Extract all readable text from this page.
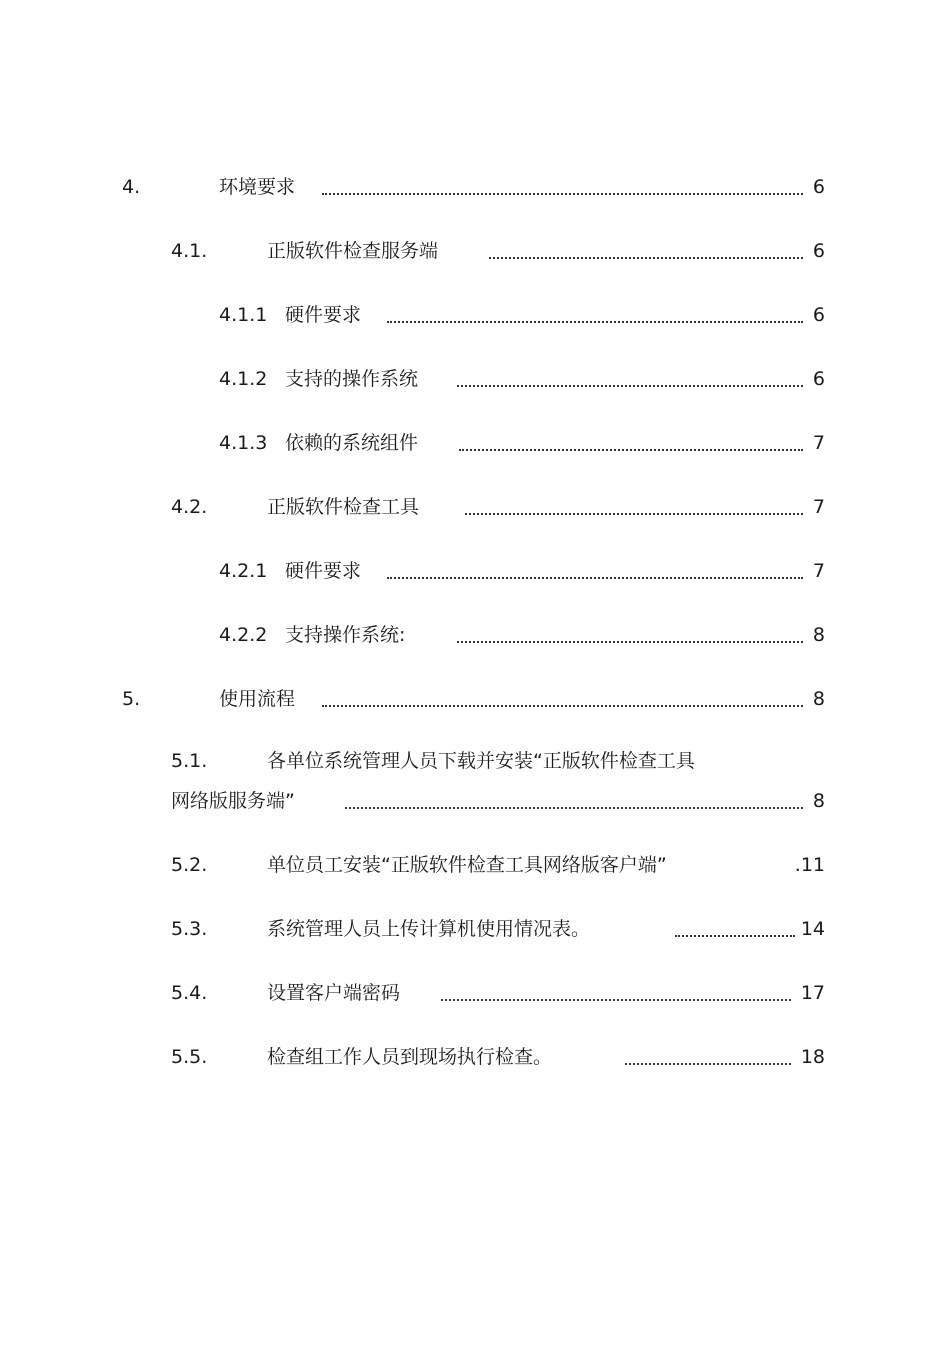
4.	环境要求	6
4.1.	正版软件检查服务端	6
4.1.1 硬件要求	6
4.1.2 支持的操作系统	6
4.1.3 依赖的系统组件	7
4.2.	正版软件检查工具	7
4.2.1 硬件要求	7
4.2.2 支持操作系统:	8
5.	使用流程	8
5.1.	各单位系统管理人员下载并安装“正版软件检查工具
网络版服务端”	8
5.2.	单位员工安装“正版软件检查工具网络版客户端”	.11
5.3.	系统管理人员上传计算机使用情况表。	14
5.4.	设置客户端密码	17
5.5.	检查组工作人员到现场执行检查。	18
